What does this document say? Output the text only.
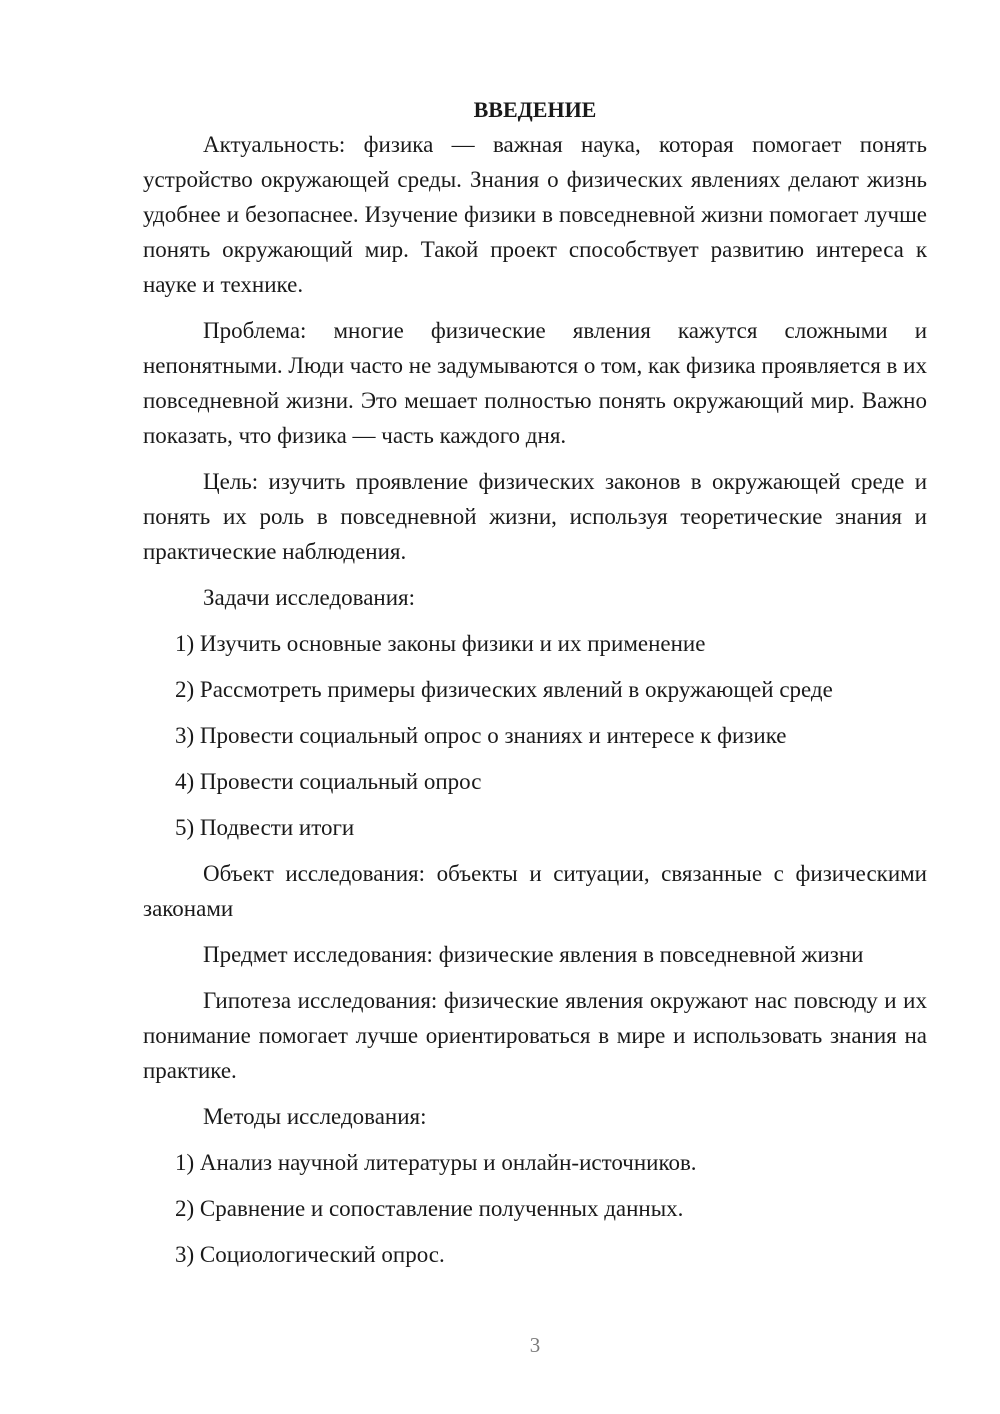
ВВЕДЕНИЕ

Актуальность: физика — важная наука, которая помогает понять устройство окружающей среды. Знания о физических явлениях делают жизнь удобнее и безопаснее. Изучение физики в повседневной жизни помогает лучше понять окружающий мир. Такой проект способствует развитию интереса к науке и технике.

Проблема: многие физические явления кажутся сложными и непонятными. Люди часто не задумываются о том, как физика проявляется в их повседневной жизни. Это мешает полностью понять окружающий мир. Важно показать, что физика — часть каждого дня.

Цель: изучить проявление физических законов в окружающей среде и понять их роль в повседневной жизни, используя теоретические знания и практические наблюдения.

Задачи исследования:
1) Изучить основные законы физики и их применение
2) Рассмотреть примеры физических явлений в окружающей среде
3) Провести социальный опрос о знаниях и интересе к физике
4) Провести социальный опрос
5) Подвести итоги

Объект исследования: объекты и ситуации, связанные с физическими законами

Предмет исследования: физические явления в повседневной жизни

Гипотеза исследования: физические явления окружают нас повсюду и их понимание помогает лучше ориентироваться в мире и использовать знания на практике.

Методы исследования:
1) Анализ научной литературы и онлайн-источников.
2) Сравнение и сопоставление полученных данных.
3) Социологический опрос.
3
